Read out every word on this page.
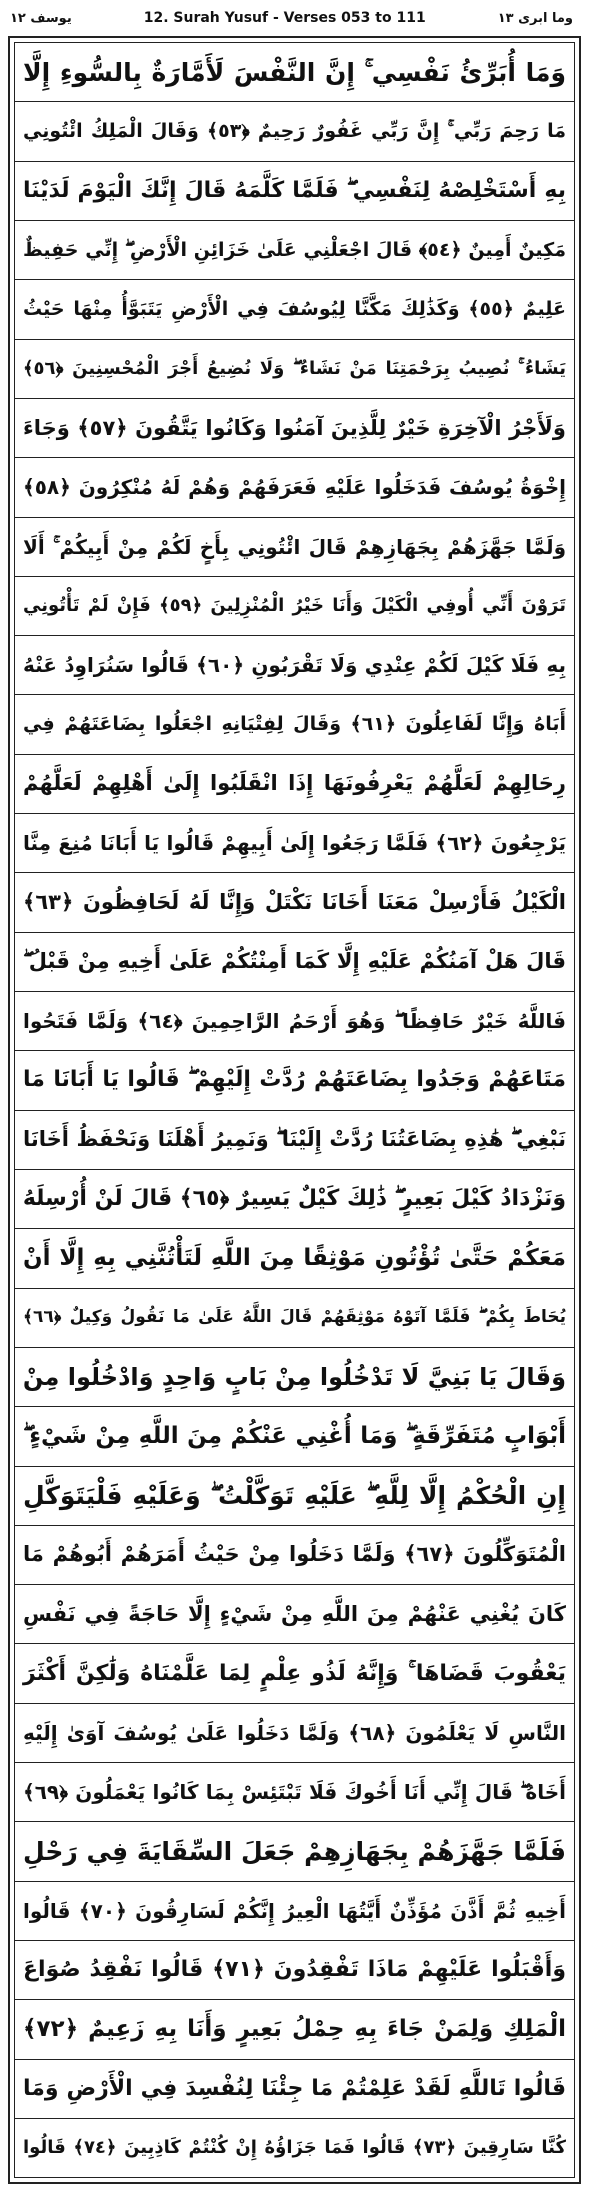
یوسف ۱۲	12. Surah Yusuf - Verses 053 to 111	وما ابری ۱۳
وَمَا أُبَرِّئُ نَفْسِي ۚ إِنَّ النَّفْسَ لَأَمَّارَةٌ بِالسُّوءِ إِلَّا
مَا رَحِمَ رَبِّي ۚ إِنَّ رَبِّي غَفُورٌ رَحِيمٌ ﴿٥٣﴾ وَقَالَ الْمَلِكُ ائْتُونِي
بِهِ أَسْتَخْلِصْهُ لِنَفْسِي ۖ فَلَمَّا كَلَّمَهُ قَالَ إِنَّكَ الْيَوْمَ لَدَيْنَا
مَكِينٌ أَمِينٌ ﴿٥٤﴾ قَالَ اجْعَلْنِي عَلَىٰ خَزَائِنِ الْأَرْضِ ۖ إِنِّي حَفِيظٌ
عَلِيمٌ ﴿٥٥﴾ وَكَذَٰلِكَ مَكَّنَّا لِيُوسُفَ فِي الْأَرْضِ يَتَبَوَّأُ مِنْهَا حَيْثُ
يَشَاءُ ۚ نُصِيبُ بِرَحْمَتِنَا مَنْ نَشَاءُ ۖ وَلَا نُضِيعُ أَجْرَ الْمُحْسِنِينَ ﴿٥٦﴾
وَلَأَجْرُ الْآخِرَةِ خَيْرٌ لِلَّذِينَ آمَنُوا وَكَانُوا يَتَّقُونَ ﴿٥٧﴾ وَجَاءَ
إِخْوَةُ يُوسُفَ فَدَخَلُوا عَلَيْهِ فَعَرَفَهُمْ وَهُمْ لَهُ مُنْكِرُونَ ﴿٥٨﴾
وَلَمَّا جَهَّزَهُمْ بِجَهَازِهِمْ قَالَ ائْتُونِي بِأَخٍ لَكُمْ مِنْ أَبِيكُمْ ۚ أَلَا
تَرَوْنَ أَنِّي أُوفِي الْكَيْلَ وَأَنَا خَيْرُ الْمُنْزِلِينَ ﴿٥٩﴾ فَإِنْ لَمْ تَأْتُونِي
بِهِ فَلَا كَيْلَ لَكُمْ عِنْدِي وَلَا تَقْرَبُونِ ﴿٦٠﴾ قَالُوا سَنُرَاوِدُ عَنْهُ
أَبَاهُ وَإِنَّا لَفَاعِلُونَ ﴿٦١﴾ وَقَالَ لِفِتْيَانِهِ اجْعَلُوا بِضَاعَتَهُمْ فِي
رِحَالِهِمْ لَعَلَّهُمْ يَعْرِفُونَهَا إِذَا انْقَلَبُوا إِلَىٰ أَهْلِهِمْ لَعَلَّهُمْ
يَرْجِعُونَ ﴿٦٢﴾ فَلَمَّا رَجَعُوا إِلَىٰ أَبِيهِمْ قَالُوا يَا أَبَانَا مُنِعَ مِنَّا
الْكَيْلُ فَأَرْسِلْ مَعَنَا أَخَانَا نَكْتَلْ وَإِنَّا لَهُ لَحَافِظُونَ ﴿٦٣﴾
قَالَ هَلْ آمَنُكُمْ عَلَيْهِ إِلَّا كَمَا أَمِنْتُكُمْ عَلَىٰ أَخِيهِ مِنْ قَبْلُ ۖ
فَاللَّهُ خَيْرٌ حَافِظًا ۖ وَهُوَ أَرْحَمُ الرَّاحِمِينَ ﴿٦٤﴾ وَلَمَّا فَتَحُوا
مَتَاعَهُمْ وَجَدُوا بِضَاعَتَهُمْ رُدَّتْ إِلَيْهِمْ ۖ قَالُوا يَا أَبَانَا مَا
نَبْغِي ۖ هَٰذِهِ بِضَاعَتُنَا رُدَّتْ إِلَيْنَا ۖ وَنَمِيرُ أَهْلَنَا وَنَحْفَظُ أَخَانَا
وَنَزْدَادُ كَيْلَ بَعِيرٍ ۖ ذَٰلِكَ كَيْلٌ يَسِيرٌ ﴿٦٥﴾ قَالَ لَنْ أُرْسِلَهُ
مَعَكُمْ حَتَّىٰ تُؤْتُونِ مَوْثِقًا مِنَ اللَّهِ لَتَأْتُنَّنِي بِهِ إِلَّا أَنْ
يُحَاطَ بِكُمْ ۖ فَلَمَّا آتَوْهُ مَوْثِقَهُمْ قَالَ اللَّهُ عَلَىٰ مَا نَقُولُ وَكِيلٌ ﴿٦٦﴾
وَقَالَ يَا بَنِيَّ لَا تَدْخُلُوا مِنْ بَابٍ وَاحِدٍ وَادْخُلُوا مِنْ
أَبْوَابٍ مُتَفَرِّقَةٍ ۖ وَمَا أُغْنِي عَنْكُمْ مِنَ اللَّهِ مِنْ شَيْءٍ ۖ
إِنِ الْحُكْمُ إِلَّا لِلَّهِ ۖ عَلَيْهِ تَوَكَّلْتُ ۖ وَعَلَيْهِ فَلْيَتَوَكَّلِ
الْمُتَوَكِّلُونَ ﴿٦٧﴾ وَلَمَّا دَخَلُوا مِنْ حَيْثُ أَمَرَهُمْ أَبُوهُمْ مَا
كَانَ يُغْنِي عَنْهُمْ مِنَ اللَّهِ مِنْ شَيْءٍ إِلَّا حَاجَةً فِي نَفْسِ
يَعْقُوبَ قَضَاهَا ۚ وَإِنَّهُ لَذُو عِلْمٍ لِمَا عَلَّمْنَاهُ وَلَٰكِنَّ أَكْثَرَ
النَّاسِ لَا يَعْلَمُونَ ﴿٦٨﴾ وَلَمَّا دَخَلُوا عَلَىٰ يُوسُفَ آوَىٰ إِلَيْهِ
أَخَاهُ ۖ قَالَ إِنِّي أَنَا أَخُوكَ فَلَا تَبْتَئِسْ بِمَا كَانُوا يَعْمَلُونَ ﴿٦٩﴾
فَلَمَّا جَهَّزَهُمْ بِجَهَازِهِمْ جَعَلَ السِّقَايَةَ فِي رَحْلِ
أَخِيهِ ثُمَّ أَذَّنَ مُؤَذِّنٌ أَيَّتُهَا الْعِيرُ إِنَّكُمْ لَسَارِقُونَ ﴿٧٠﴾ قَالُوا
وَأَقْبَلُوا عَلَيْهِمْ مَاذَا تَفْقِدُونَ ﴿٧١﴾ قَالُوا نَفْقِدُ صُوَاعَ
الْمَلِكِ وَلِمَنْ جَاءَ بِهِ حِمْلُ بَعِيرٍ وَأَنَا بِهِ زَعِيمٌ ﴿٧٢﴾
قَالُوا تَاللَّهِ لَقَدْ عَلِمْتُمْ مَا جِئْنَا لِنُفْسِدَ فِي الْأَرْضِ وَمَا
كُنَّا سَارِقِينَ ﴿٧٣﴾ قَالُوا فَمَا جَزَاؤُهُ إِنْ كُنْتُمْ كَاذِبِينَ ﴿٧٤﴾ قَالُوا
